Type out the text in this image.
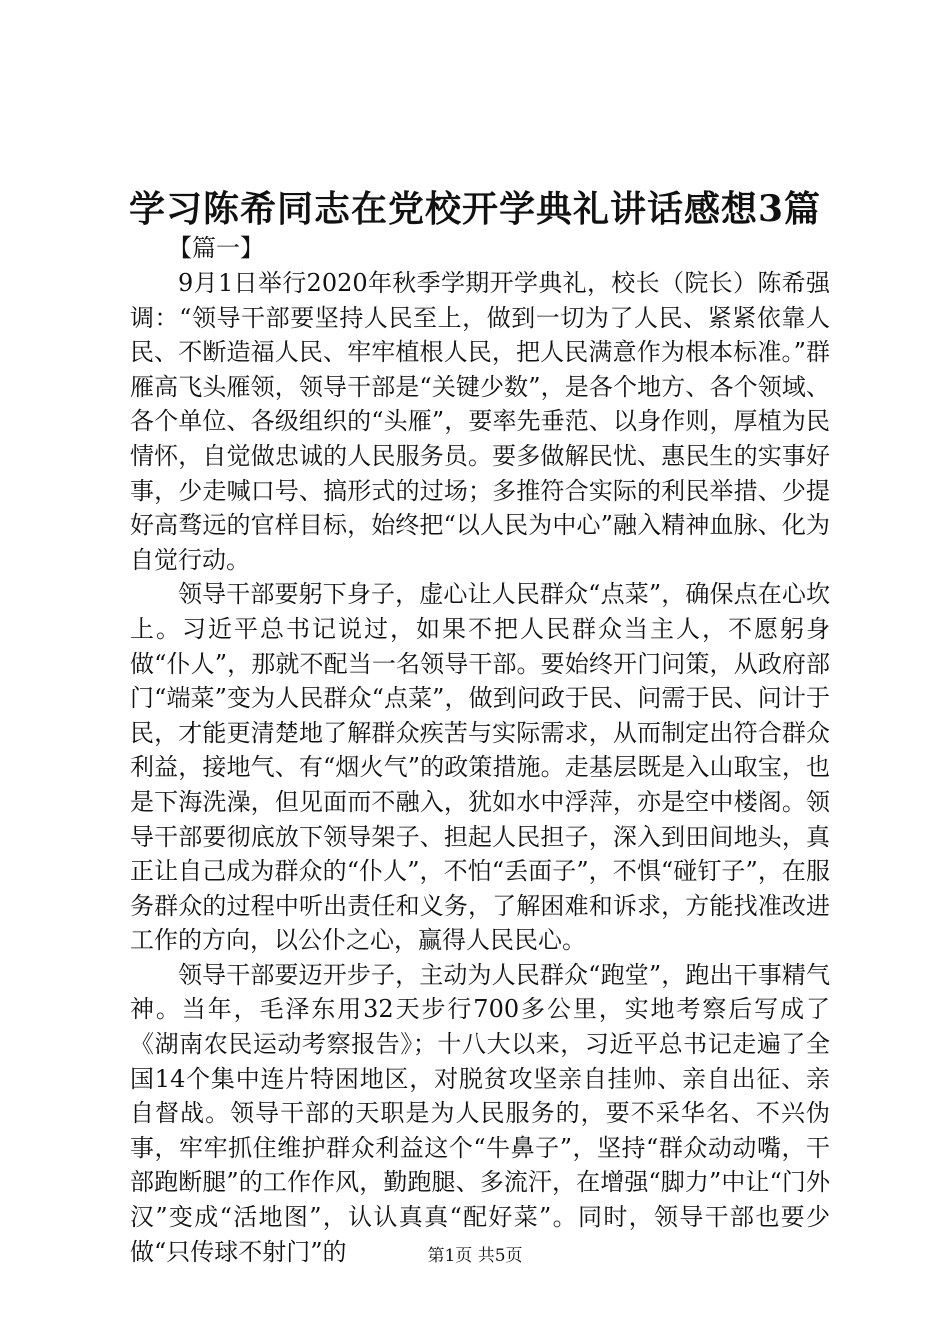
学习陈希同志在党校开学典礼讲话感想3篇

【篇一】

9月1日举行2020年秋季学期开学典礼，校长（院长）陈希强调：“领导干部要坚持人民至上，做到一切为了人民、紧紧依靠人民、不断造福人民、牢牢植根人民，把人民满意作为根本标准。”群雁高飞头雁领，领导干部是“关键少数”，是各个地方、各个领域、各个单位、各级组织的“头雁”，要率先垂范、以身作则，厚植为民情怀，自觉做忠诚的人民服务员。要多做解民忧、惠民生的实事好事，少走喊口号、搞形式的过场；多推符合实际的利民举措、少提好高骛远的官样目标，始终把“以人民为中心”融入精神血脉、化为自觉行动。

领导干部要躬下身子，虚心让人民群众“点菜”，确保点在心坎上。习近平总书记说过，如果不把人民群众当主人，不愿躬身做“仆人”，那就不配当一名领导干部。要始终开门问策，从政府部门“端菜”变为人民群众“点菜”，做到问政于民、问需于民、问计于民，才能更清楚地了解群众疾苦与实际需求，从而制定出符合群众利益，接地气、有“烟火气”的政策措施。走基层既是入山取宝，也是下海洗澡，但见面而不融入，犹如水中浮萍，亦是空中楼阁。领导干部要彻底放下领导架子、担起人民担子，深入到田间地头，真正让自己成为群众的“仆人”，不怕“丢面子”，不惧“碰钉子”，在服务群众的过程中听出责任和义务，了解困难和诉求，方能找准改进工作的方向，以公仆之心，赢得人民民心。

领导干部要迈开步子，主动为人民群众“跑堂”，跑出干事精气神。当年，毛泽东用32天步行700多公里，实地考察后写成了《湖南农民运动考察报告》；十八大以来，习近平总书记走遍了全国14个集中连片特困地区，对脱贫攻坚亲自挂帅、亲自出征、亲自督战。领导干部的天职是为人民服务的，要不采华名、不兴伪事，牢牢抓住维护群众利益这个“牛鼻子”，坚持“群众动动嘴，干部跑断腿”的工作作风，勤跑腿、多流汗，在增强“脚力”中让“门外汉”变成“活地图”，认认真真“配好菜”。同时，领导干部也要少做“只传球不射门”的	第1页 共5页
